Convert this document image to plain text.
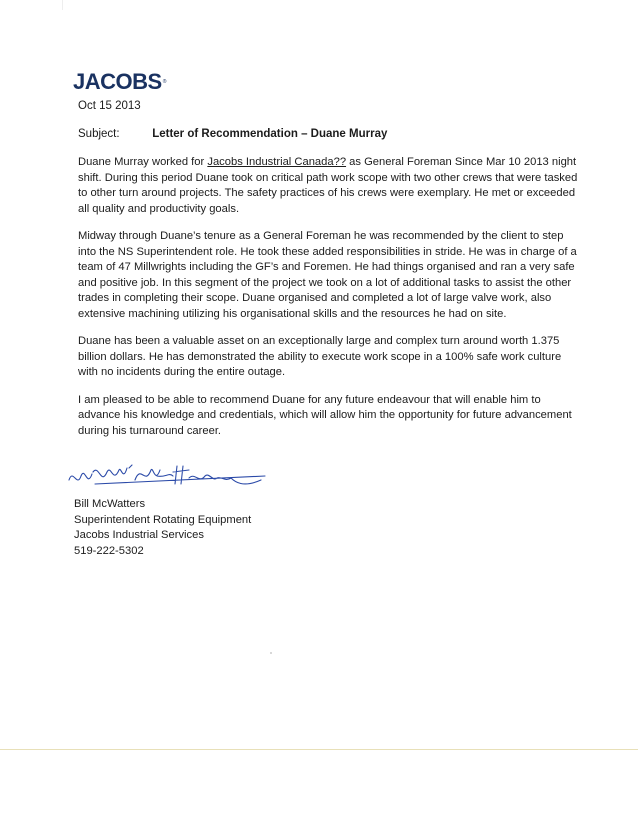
JACOBS®
Oct 15 2013
Subject:	Letter of Recommendation – Duane Murray

Duane Murray worked for Jacobs Industrial Canada?? as General Foreman Since Mar 10 2013 night shift. During this period Duane took on critical path work scope with two other crews that were tasked to other turn around projects. The safety practices of his crews were exemplary. He met or exceeded all quality and productivity goals.

Midway through Duane’s tenure as a General Foreman he was recommended by the client to step into the NS Superintendent role. He took these added responsibilities in stride. He was in charge of a team of 47 Millwrights including the GF’s and Foremen. He had things organised and ran a very safe and positive job. In this segment of the project we took on a lot of additional tasks to assist the other trades in completing their scope. Duane organised and completed a lot of large valve work, also extensive machining utilizing his organisational skills and the resources he had on site.

Duane has been a valuable asset on an exceptionally large and complex turn around worth 1.375 billion dollars. He has demonstrated the ability to execute work scope in a 100% safe work culture with no incidents during the entire outage.

I am pleased to be able to recommend Duane for any future endeavour that will enable him to advance his knowledge and credentials, which will allow him the opportunity for future advancement during his turnaround career.

Bill McWatters
Superintendent Rotating Equipment
Jacobs Industrial Services
519-222-5302
